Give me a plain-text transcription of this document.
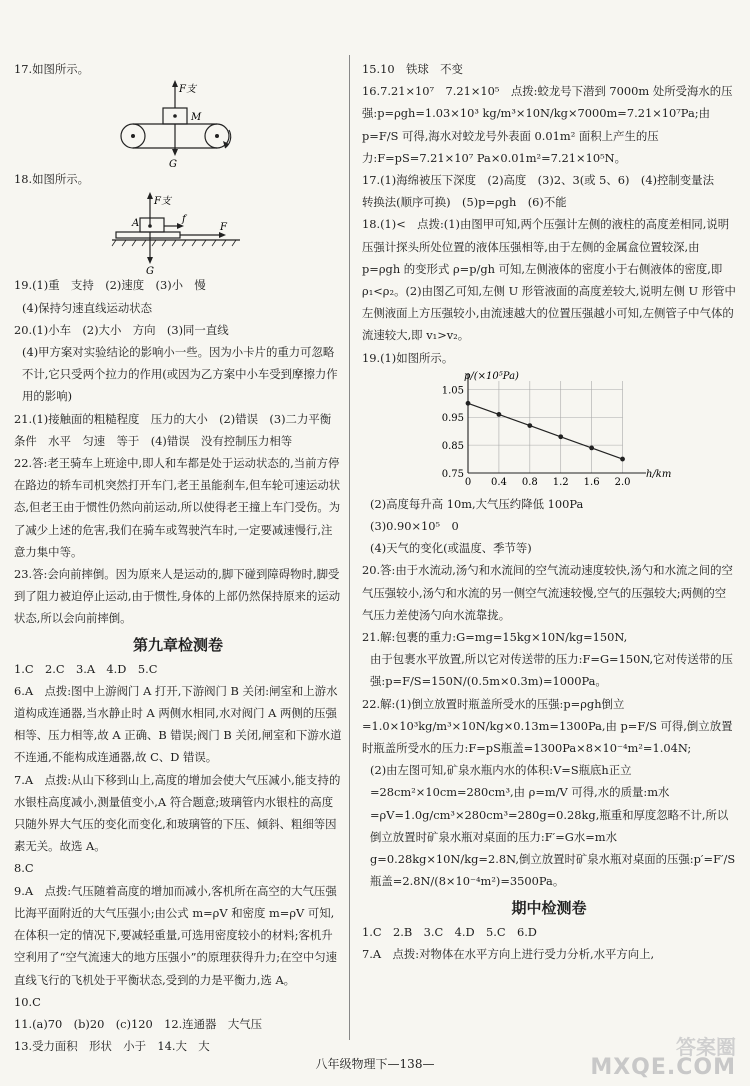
17.如图所示。

F支
M
G

18.如图所示。

F支
A	f
F
G

19.(1)重　支持　(2)速度　(3)小　慢

(4)保持匀速直线运动状态

20.(1)小车　(2)大小　方向　(3)同一直线

(4)甲方案对实验结论的影响小一些。因为小卡片的重力可忽略不计,它只受两个拉力的作用(或因为乙方案中小车受到摩擦力作用的影响)

21.(1)接触面的粗糙程度　压力的大小　(2)错误　(3)二力平衡条件　水平　匀速　等于　(4)错误　没有控制压力相等

22.答:老王骑车上班途中,即人和车都是处于运动状态的,当前方停在路边的轿车司机突然打开车门,老王虽能刹车,但车轮可速运动状态,但老王由于惯性仍然向前运动,所以使得老王撞上车门受伤。为了减少上述的危害,我们在骑车或驾驶汽车时,一定要减速慢行,注意力集中等。

23.答:会向前摔倒。因为原来人是运动的,脚下碰到障碍物时,脚受到了阻力被迫停止运动,由于惯性,身体的上部仍然保持原来的运动状态,所以会向前摔倒。

第九章检测卷

1.C　2.C　3.A　4.D　5.C

6.A　点拨:图中上游阀门 A 打开,下游阀门 B 关闭:闸室和上游水道构成连通器,当水静止时 A 两侧水相同,水对阀门 A 两侧的压强相等、压力相等,故 A 正确、B 错误;阀门 B 关闭,闸室和下游水道不连通,不能构成连通器,故 C、D 错误。

7.A　点拨:从山下移到山上,高度的增加会使大气压减小,能支持的水银柱高度减小,测量值变小,A 符合题意;玻璃管内水银柱的高度只随外界大气压的变化而变化,和玻璃管的下压、倾斜、粗细等因素无关。故选 A。

8.C

9.A　点拨:气压随着高度的增加而减小,客机所在高空的大气压强比海平面附近的大气压强小;由公式 m=ρV 和密度 m=ρV 可知,在体积一定的情况下,要减轻重量,可选用密度较小的材料;客机升空利用了“空气流速大的地方压强小”的原理获得升力;在空中匀速直线飞行的飞机处于平衡状态,受到的力是平衡力,选 A。

10.C

11.(a)70　(b)20　(c)120　12.连通器　大气压

13.受力面积　形状　小于　14.大　大

15.10　铁球　不变

16.7.21×10⁷　7.21×10⁵　点拨:蛟龙号下潜到 7000m 处所受海水的压强:p=ρgh=1.03×10³ kg/m³×10N/kg×7000m=7.21×10⁷Pa;由 p=F/S 可得,海水对蛟龙号外表面 0.01m² 面积上产生的压力:F=pS=7.21×10⁷ Pa×0.01m²=7.21×10⁵N。

17.(1)海绵被压下深度　(2)高度　(3)2、3(或 5、6)　(4)控制变量法　转换法(顺序可换)　(5)p=ρgh　(6)不能

18.(1)<　点拨:(1)由图甲可知,两个压强计左侧的液柱的高度差相同,说明压强计探头所处位置的液体压强相等,由于左侧的金属盒位置较深,由 p=ρgh 的变形式 ρ=p/gh 可知,左侧液体的密度小于右侧液体的密度,即 ρ₁<ρ₂。(2)由图乙可知,左侧 U 形管液面的高度差较大,说明左侧 U 形管中左侧液面上方压强较小,由流速越大的位置压强越小可知,左侧管子中气体的流速较大,即 v₁>v₂。

19.(1)如图所示。

0.75
0.85
0.95
1.05
0 0.4 0.8 1.2 1.6 2.0
p/(×10⁵Pa)
h/km

(2)高度每升高 10m,大气压约降低 100Pa

(3)0.90×10⁵　0

(4)天气的变化(或温度、季节等)

20.答:由于水流动,汤勺和水流间的空气流动速度较快,汤勺和水流之间的空气压强较小,汤勺和水流的另一侧空气流速较慢,空气的压强较大;两侧的空气压力差使汤勺向水流靠拢。

21.解:包裹的重力:G=mg=15kg×10N/kg=150N,

由于包裹水平放置,所以它对传送带的压力:F=G=150N,它对传送带的压强:p=F/S=150N/(0.5m×0.3m)=1000Pa。

22.解:(1)倒立放置时瓶盖所受水的压强:p=ρgh倒立=1.0×10³kg/m³×10N/kg×0.13m=1300Pa,由 p=F/S 可得,倒立放置时瓶盖所受水的压力:F=pS瓶盖=1300Pa×8×10⁻⁴m²=1.04N;

(2)由左图可知,矿泉水瓶内水的体积:V=S瓶底h正立=28cm²×10cm=280cm³,由 ρ=m/V 可得,水的质量:m水=ρV=1.0g/cm³×280cm³=280g=0.28kg,瓶重和厚度忽略不计,所以倒立放置时矿泉水瓶对桌面的压力:F′=G水=m水g=0.28kg×10N/kg=2.8N,倒立放置时矿泉水瓶对桌面的压强:p′=F′/S瓶盖=2.8N/(8×10⁻⁴m²)=3500Pa。

期中检测卷

1.C　2.B　3.C　4.D　5.C　6.D

7.A　点拨:对物体在水平方向上进行受力分析,水平方向上,

八年级物理下—138—
答案圈
MXQE.COM
